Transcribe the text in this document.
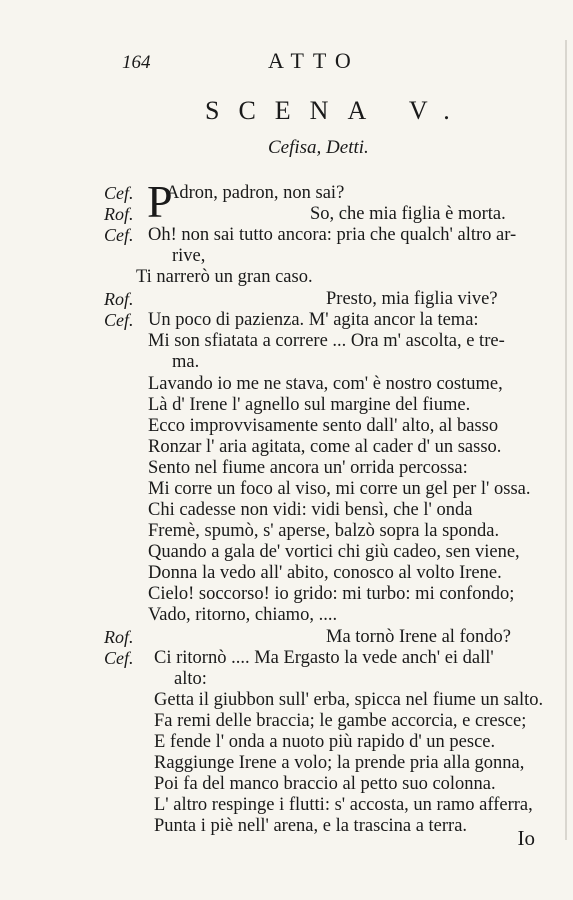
164	ATTO
SCENA V.
Cefisa, Detti.
Cef. P
Adron, padron, non sai?
Rof.	So, che mia figlia è morta.
Cef. Oh! non sai tutto ancora: pria che qualch' altro ar-
rive,
Ti narrerò un gran caso.
Rof.	Presto, mia figlia vive?
Cef. Un poco di pazienza. M' agita ancor la tema:
Mi son sfiatata a correre ... Ora m' ascolta, e tre-
ma.
Lavando io me ne stava, com' è nostro costume,
Là d' Irene l' agnello sul margine del fiume.
Ecco improvvisamente sento dall' alto, al basso
Ronzar l' aria agitata, come al cader d' un sasso.
Sento nel fiume ancora un' orrida percossa:
Mi corre un foco al viso, mi corre un gel per l' ossa.
Chi cadesse non vidi: vidi bensì, che l' onda
Fremè, spumò, s' aperse, balzò sopra la sponda.
Quando a gala de' vortici chi giù cadeo, sen viene,
Donna la vedo all' abito, conosco al volto Irene.
Cielo! soccorso! io grido: mi turbo: mi confondo;
Vado, ritorno, chiamo, ....
Rof.	Ma tornò Irene al fondo?
Cef. Ci ritornò .... Ma Ergasto la vede anch' ei dall'
alto:
Getta il giubbon sull' erba, spicca nel fiume un salto.
Fa remi delle braccia; le gambe accorcia, e cresce;
E fende l' onda a nuoto più rapido d' un pesce.
Raggiunge Irene a volo; la prende pria alla gonna,
Poi fa del manco braccio al petto suo colonna.
L' altro respinge i flutti: s' accosta, un ramo afferra,
Punta i piè nell' arena, e la trascina a terra. Io
